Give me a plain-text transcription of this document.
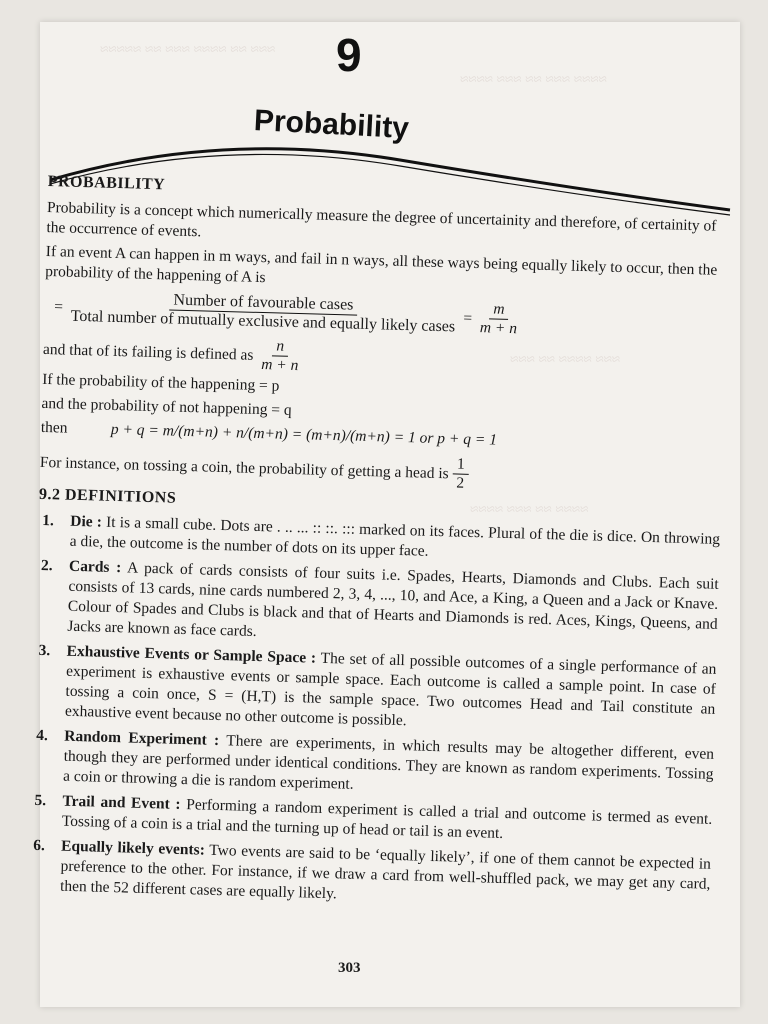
≈≈≈ ≈≈ ≈≈≈≈ ≈≈≈ ≈≈ ≈≈≈≈≈
≈≈≈≈ ≈≈≈ ≈≈ ≈≈≈ ≈≈≈≈
≈≈≈ ≈≈≈≈ ≈≈ ≈≈≈
≈≈≈≈ ≈≈ ≈≈≈ ≈≈≈≈
9
Probability
PROBABILITY

Probability is a concept which numerically measure the degree of uncertainity and therefore, of certainity of the occurrence of events.

If an event A can happen in m ways, and fail in n ways, all these ways being equally likely to occur, then the probability of the happening of A is

=	Number of favourable cases
Total number of mutually exclusive and equally likely cases = $\frac{m}{m + n}$
and that of its failing is defined as $\frac{n}{m + n}$

If the probability of the happening = p

and the probability of not happening = q

then	p + q = m/(m+n) + n/(m+n) = (m+n)/(m+n) = 1 or p + q = 1
For instance, on tossing a coin, the probability of getting a head is $\frac{1}{2}$
9.2 DEFINITIONS
1.	Die : It is a small cube. Dots are . .. ... :: ::. ::: marked on its faces. Plural of the die is dice. On throwing a die, the outcome is the number of dots on its upper face.
2.	Cards : A pack of cards consists of four suits i.e. Spades, Hearts, Diamonds and Clubs. Each suit consists of 13 cards, nine cards numbered 2, 3, 4, ..., 10, and Ace, a King, a Queen and a Jack or Knave. Colour of Spades and Clubs is black and that of Hearts and Diamonds is red. Aces, Kings, Queens, and Jacks are known as face cards.
3.	Exhaustive Events or Sample Space : The set of all possible outcomes of a single performance of an experiment is exhaustive events or sample space. Each outcome is called a sample point. In case of tossing a coin once, S = (H,T) is the sample space. Two outcomes Head and Tail constitute an exhaustive event because no other outcome is possible.
4.	Random Experiment : There are experiments, in which results may be altogether different, even though they are performed under identical conditions. They are known as random experiments. Tossing a coin or throwing a die is random experiment.
5.	Trail and Event : Performing a random experiment is called a trial and outcome is termed as event. Tossing of a coin is a trial and the turning up of head or tail is an event.
6.	Equally likely events: Two events are said to be ‘equally likely’, if one of them cannot be expected in preference to the other. For instance, if we draw a card from well-shuffled pack, we may get any card, then the 52 different cases are equally likely.
303
